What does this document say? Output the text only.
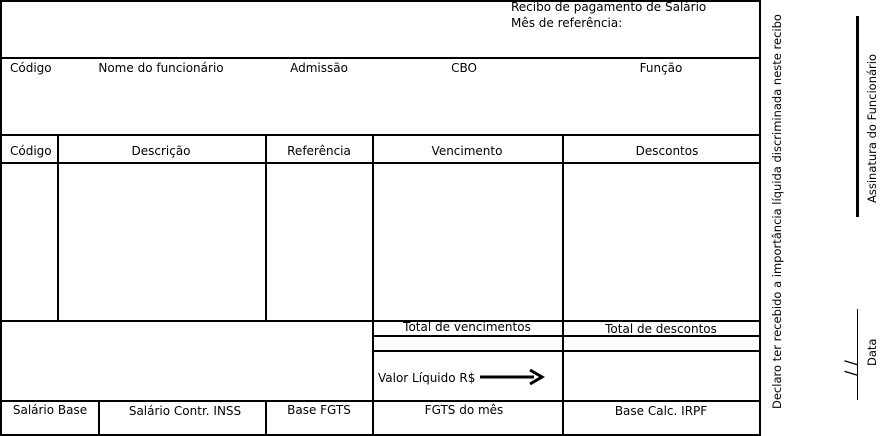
Recibo de pagamento de Salário
Mês de referência:
Código	Nome do funcionário	Admissão	CBO	Função
Código	Descrição	Referência	Vencimento	Descontos
Total de vencimentos	Total de descontos
Valor Líquido R$
Salário Base	Salário Contr. INSS	Base FGTS	FGTS do mês	Base Calc. IRPF
Declaro ter recebido a importância líquida discriminada neste recibo	Assinatura do Funcionário
/ /
Data
